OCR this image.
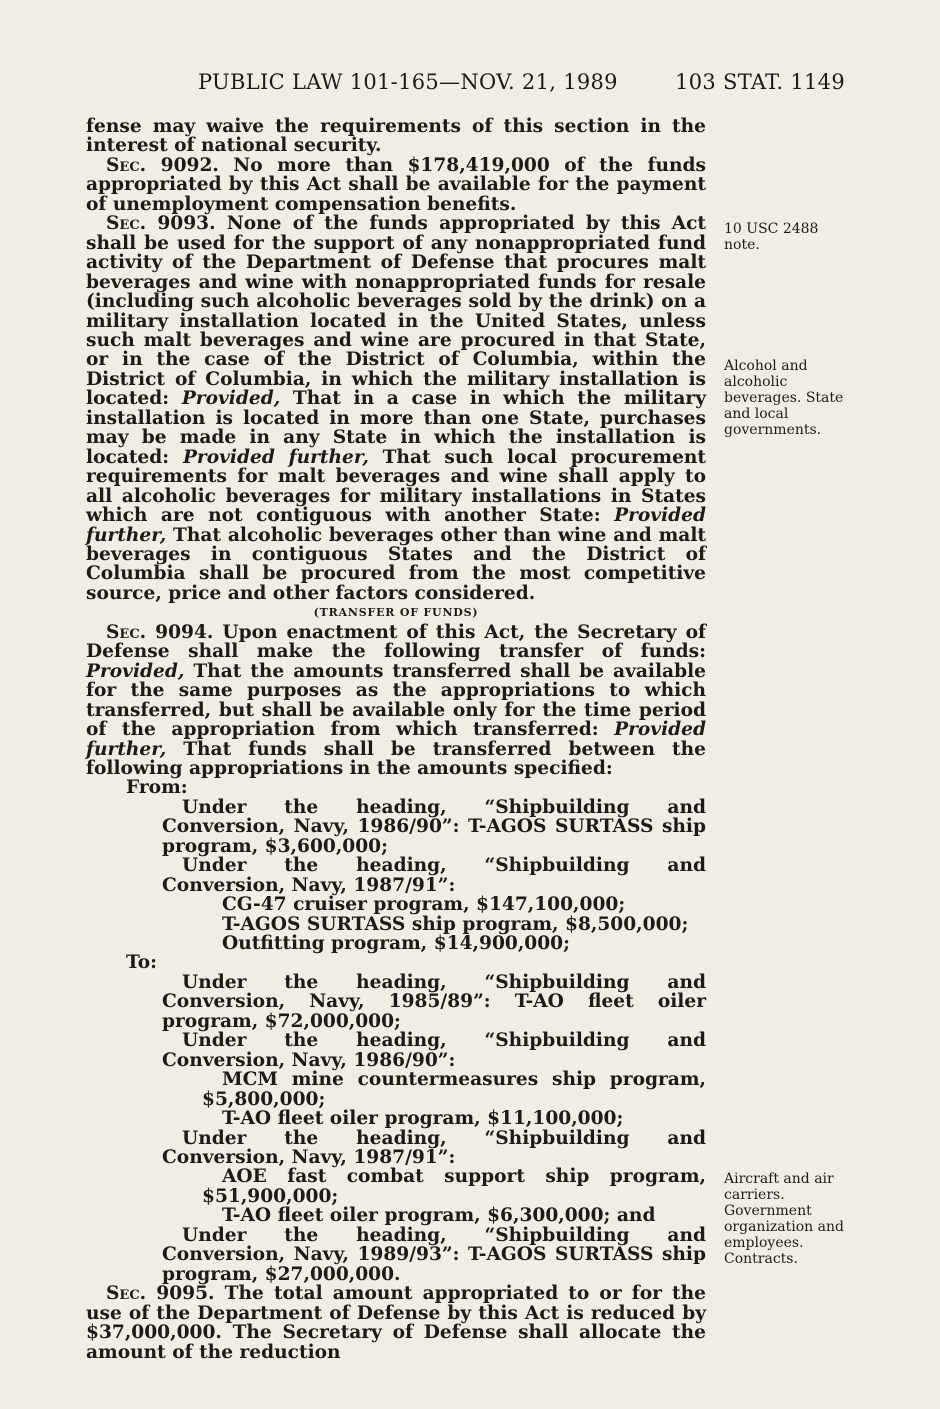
PUBLIC LAW 101-165—NOV. 21, 1989	103 STAT. 1149

fense may waive the requirements of this section in the interest of national security.

Sec. 9092. No more than $178,419,000 of the funds appropriated by this Act shall be available for the payment of unemployment compensation benefits.

Sec. 9093. None of the funds appropriated by this Act shall be used for the support of any nonappropriated fund activity of the Department of Defense that procures malt beverages and wine with nonappropriated funds for resale (including such alcoholic beverages sold by the drink) on a military installation located in the United States, unless such malt beverages and wine are procured in that State, or in the case of the District of Columbia, within the District of Columbia, in which the military installation is located: Provided, That in a case in which the military installation is located in more than one State, purchases may be made in any State in which the installation is located: Provided further, That such local procurement requirements for malt beverages and wine shall apply to all alcoholic beverages for military installations in States which are not contiguous with another State: Provided further, That alcoholic beverages other than wine and malt beverages in contiguous States and the District of Columbia shall be procured from the most competitive source, price and other factors considered.

(TRANSFER OF FUNDS)

Sec. 9094. Upon enactment of this Act, the Secretary of Defense shall make the following transfer of funds: Provided, That the amounts transferred shall be available for the same purposes as the appropriations to which transferred, but shall be available only for the time period of the appropriation from which transferred: Provided further, That funds shall be transferred between the following appropriations in the amounts specified:

From:

Under the heading, “Shipbuilding and Conversion, Navy, 1986/90”: T-AGOS SURTASS ship program, $3,600,000;

Under the heading, “Shipbuilding and Conversion, Navy, 1987/91”:

CG-47 cruiser program, $147,100,000;

T-AGOS SURTASS ship program, $8,500,000;

Outfitting program, $14,900,000;

To:

Under the heading, “Shipbuilding and Conversion, Navy, 1985/89”: T-AO fleet oiler program, $72,000,000;

Under the heading, “Shipbuilding and Conversion, Navy, 1986/90”:

MCM mine countermeasures ship program, $5,800,000;

T-AO fleet oiler program, $11,100,000;

Under the heading, “Shipbuilding and Conversion, Navy, 1987/91”:

AOE fast combat support ship program, $51,900,000;

T-AO fleet oiler program, $6,300,000; and

Under the heading, “Shipbuilding and Conversion, Navy, 1989/93”: T-AGOS SURTASS ship program, $27,000,000.

Sec. 9095. The total amount appropriated to or for the use of the Department of Defense by this Act is reduced by $37,000,000. The Secretary of Defense shall allocate the amount of the reduction

10 USC 2488 note.
Alcohol and alcoholic beverages. State and local governments.
Aircraft and air carriers. Government organization and employees. Contracts.
